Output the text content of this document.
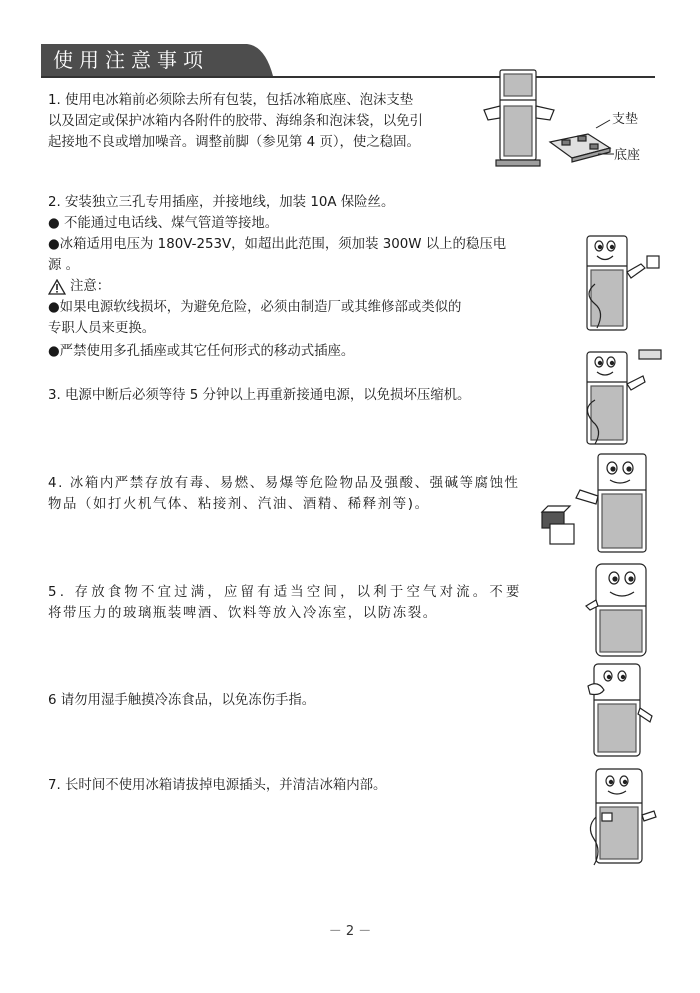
使用注意事项
1. 使用电冰箱前必须除去所有包装，包括冰箱底座、泡沫支垫
以及固定或保护冰箱内各附件的胶带、海绵条和泡沫袋，以免引
起接地不良或增加噪音。调整前脚（参见第 4 页），使之稳固。
支垫
底座
2. 安装独立三孔专用插座，并接地线，加装 10A 保险丝。
● 不能通过电话线、煤气管道等接地。
●冰箱适用电压为 180V-253V，如超出此范围，须加装 300W 以上的稳压电
源 。
注意：
●如果电源软线损坏，为避免危险，必须由制造厂或其维修部或类似的
专职人员来更换。
●严禁使用多孔插座或其它任何形式的移动式插座。
3. 电源中断后必须等待 5 分钟以上再重新接通电源，以免损坏压缩机。
4. 冰箱内严禁存放有毒、易燃、易爆等危险物品及强酸、强碱等腐蚀性
物品（如打火机气体、粘接剂、汽油、酒精、稀释剂等)。
5. 存放食物不宜过满，应留有适当空间，以利于空气对流。不要
将带压力的玻璃瓶装啤酒、饮料等放入冷冻室，以防冻裂。
6 请勿用湿手触摸冷冻食品，以免冻伤手指。
7. 长时间不使用冰箱请拔掉电源插头，并清洁冰箱内部。
－ 2 －
